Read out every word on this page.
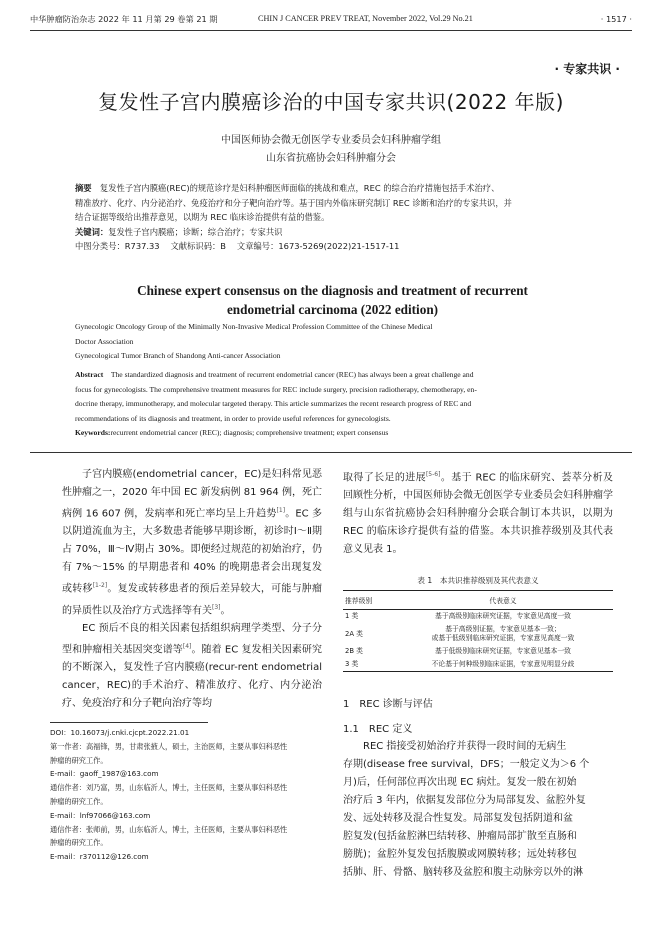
中华肿瘤防治杂志 2022 年 11 月第 29 卷第 21 期	CHIN J CANCER PREV TREAT, November 2022, Vol.29 No.21	· 1517 ·
· 专家共识 ·
复发性子宫内膜癌诊治的中国专家共识(2022 年版)
中国医师协会微无创医学专业委员会妇科肿瘤学组
山东省抗癌协会妇科肿瘤分会
摘要　 复发性子宫内膜癌(REC)的规范诊疗是妇科肿瘤医师面临的挑战和难点，REC 的综合治疗措施包括手术治疗、
精准放疗、化疗、内分泌治疗、免疫治疗和分子靶向治疗等。基于国内外临床研究制订 REC 诊断和治疗的专家共识，并
结合证据等级给出推荐意见，以期为 REC 临床诊治提供有益的借鉴。
关键词：复发性子宫内膜癌；诊断；综合治疗；专家共识
中图分类号：R737.33　 文献标识码：B　 文章编号：1673-5269(2022)21-1517-11
Chinese expert consensus on the diagnosis and treatment of recurrent
endometrial carcinoma (2022 edition)
Gynecologic Oncology Group of the Minimally Non-Invasive Medical Profession Committee of the Chinese Medical
Doctor Association
Gynecological Tumor Branch of Shandong Anti-cancer Association
Abstract　 The standardized diagnosis and treatment of recurrent endometrial cancer (REC) has always been a great challenge and
focus for gynecologists. The comprehensive treatment measures for REC include surgery, precision radiotherapy, chemotherapy, en-
docrine therapy, immunotherapy, and molecular targeted therapy. This article summarizes the recent research progress of REC and
recommendations of its diagnosis and treatment, in order to provide useful references for gynecologists.
Keywords:recurrent endometrial cancer (REC); diagnosis; comprehensive treatment; expert consensus

子宫内膜癌(endometrial cancer，EC)是妇科常见恶性肿瘤之一，2020 年中国 EC 新发病例 81 964 例，死亡病例 16 607 例，发病率和死亡率均呈上升趋势[1]。EC 多以阴道流血为主，大多数患者能够早期诊断，初诊时Ⅰ～Ⅱ期占 70%，Ⅲ～Ⅳ期占 30%。即便经过规范的初始治疗，仍有 7%～15% 的早期患者和 40% 的晚期患者会出现复发或转移[1-2]。复发或转移患者的预后差异较大，可能与肿瘤的异质性以及治疗方式选择等有关[3]。

EC 预后不良的相关因素包括组织病理学类型、分子分型和肿瘤相关基因突变谱等[4]。随着 EC 复发相关因素研究的不断深入，复发性子宫内膜癌(recur-rent endometrial cancer，REC)的手术治疗、精准放疗、化疗、内分泌治疗、免疫治疗和分子靶向治疗等均

DOI：10.16073/j.cnki.cjcpt.2022.21.01
第一作者：高福锋，男，甘肃张掖人，硕士，主治医师，主要从事妇科恶性
肿瘤的研究工作。
E-mail：gaoff_1987@163.com
通信作者：刘乃富，男，山东临沂人，博士，主任医师，主要从事妇科恶性
肿瘤的研究工作。
E-mail：lnf97066@163.com
通信作者：张师前，男，山东临沂人，博士，主任医师，主要从事妇科恶性
肿瘤的研究工作。
E-mail：r370112@126.com

取得了长足的进展[5-6]。基于 REC 的临床研究、荟萃分析及回顾性分析，中国医师协会微无创医学专业委员会妇科肿瘤学组与山东省抗癌协会妇科肿瘤分会联合制订本共识，以期为 REC 的临床诊疗提供有益的借鉴。本共识推荐级别及其代表意义见表 1。

表 1　本共识推荐级别及其代表意义
推荐级别	代表意义
1 类	基于高级别临床研究证据，专家意见高度一致
2A 类	基于高级别证据，专家意见基本一致；
或基于低级别临床研究证据，专家意见高度一致

2B 类	基于低级别临床研究证据，专家意见基本一致
3 类	不论基于何种级别临床证据，专家意见明显分歧
1　REC 诊断与评估
1.1　REC 定义
REC 指接受初始治疗并获得一段时间的无病生
存期(disease free survival，DFS；一般定义为＞6 个
月)后，任何部位再次出现 EC 病灶。复发一般在初始
治疗后 3 年内，依据复发部位分为局部复发、盆腔外复
发、远处转移及混合性复发。局部复发包括阴道和盆
腔复发(包括盆腔淋巴结转移、肿瘤局部扩散至直肠和
膀胱)；盆腔外复发包括腹膜或网膜转移；远处转移包
括肺、肝、骨骼、脑转移及盆腔和腹主动脉旁以外的淋
